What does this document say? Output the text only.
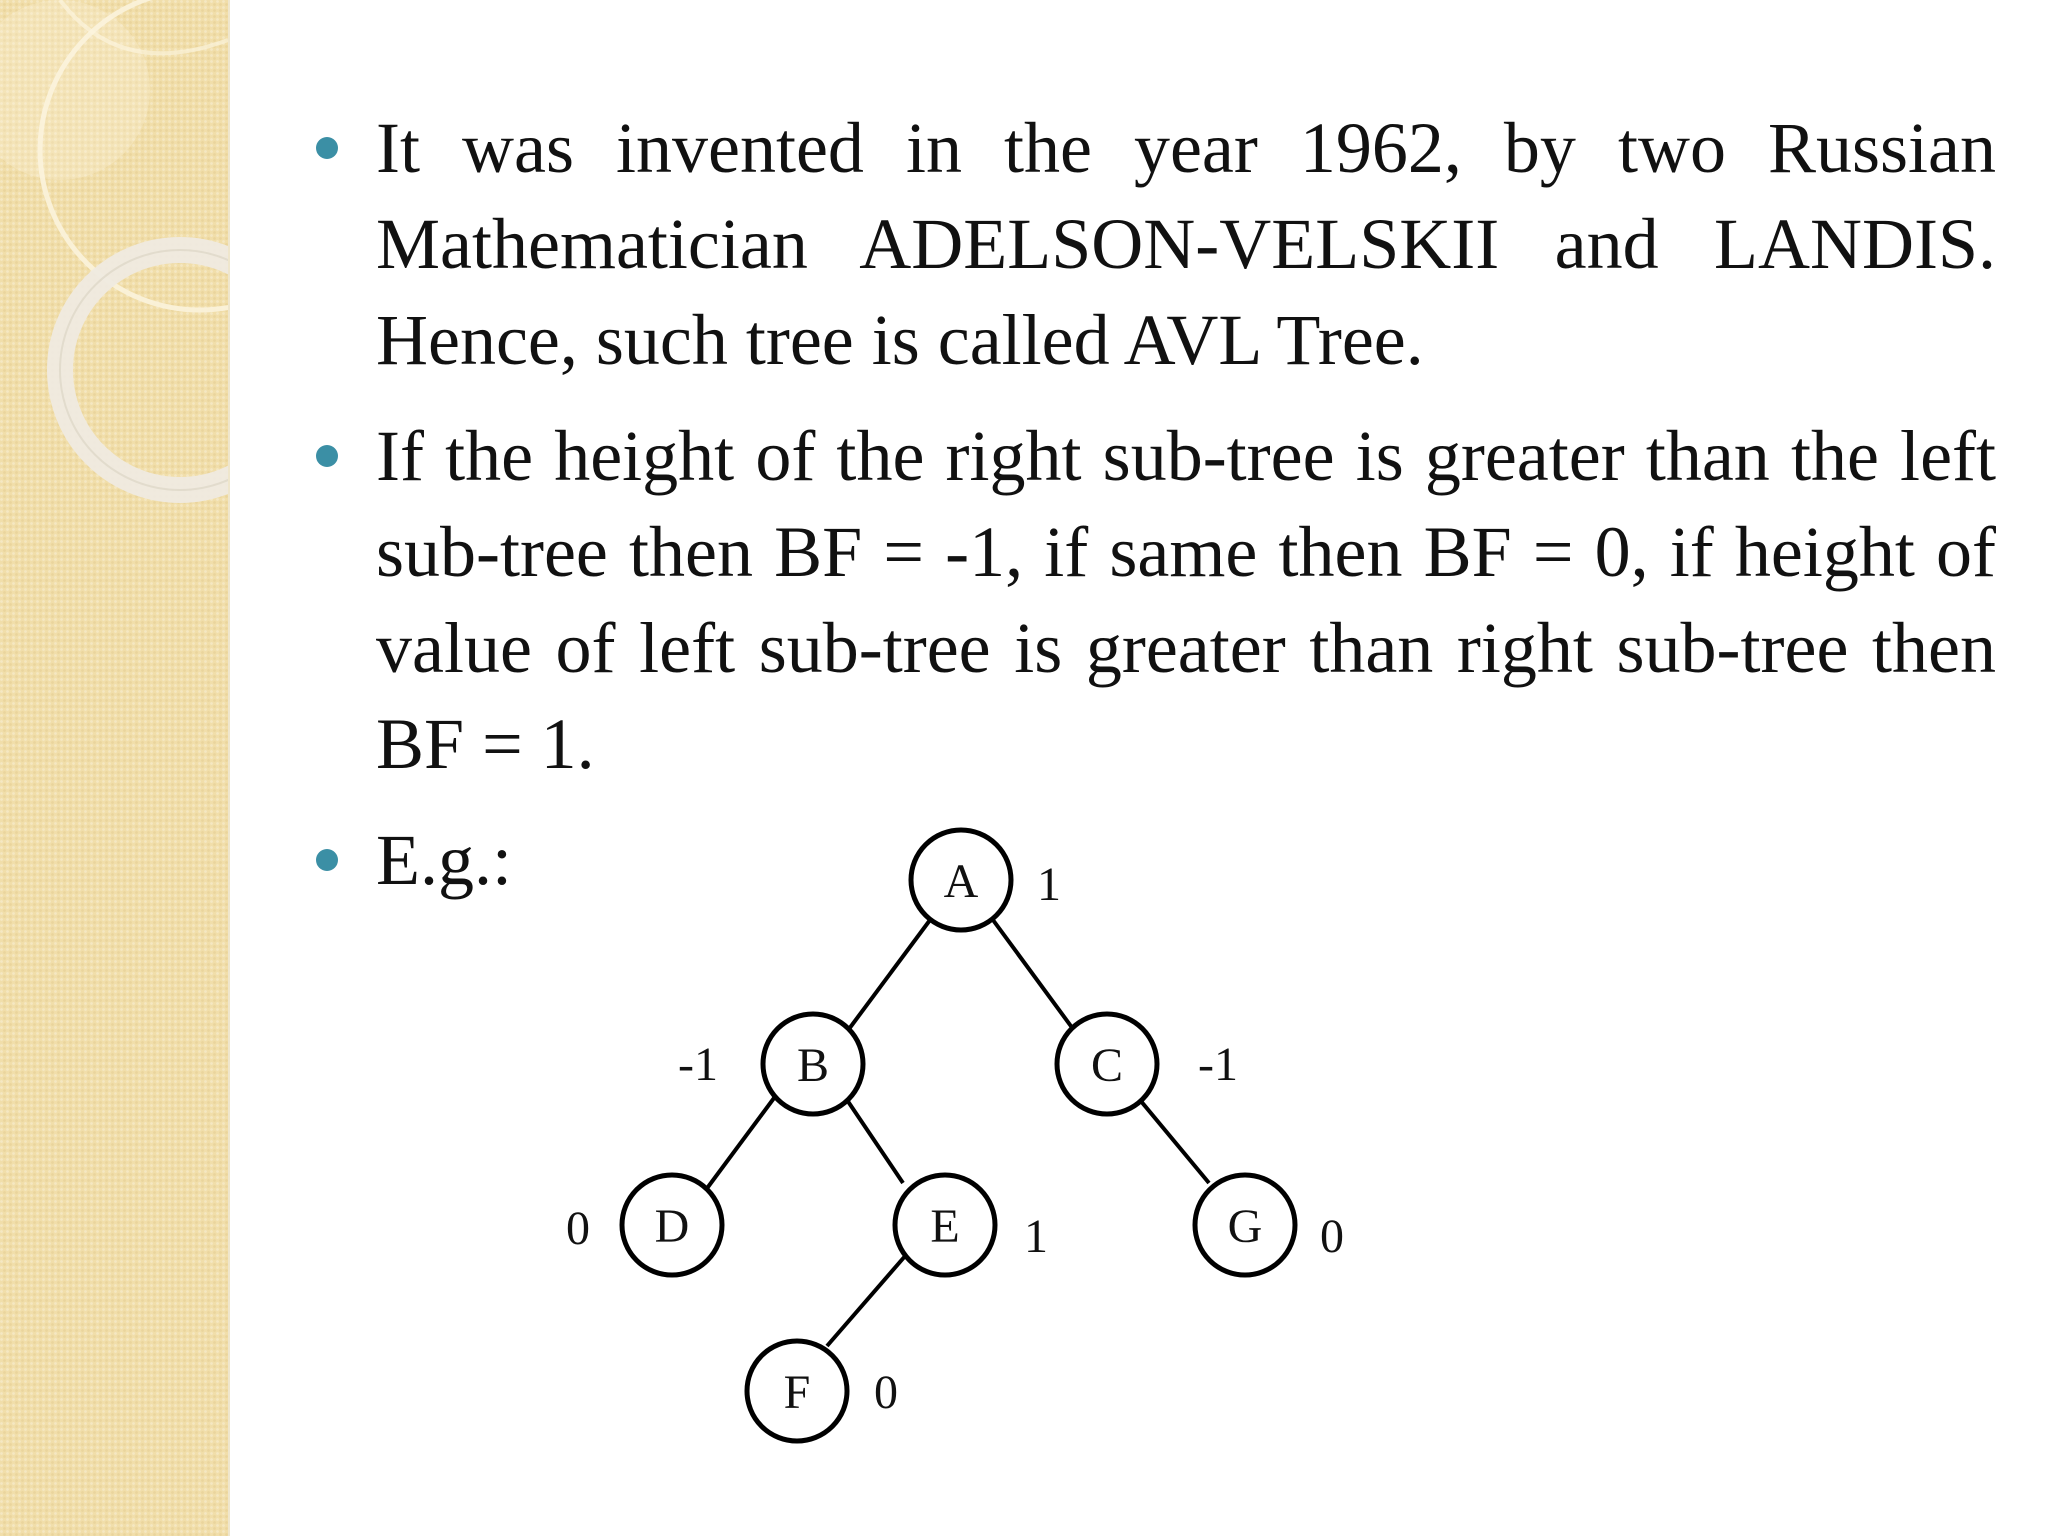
It was invented in the year 1962, by two Russian Mathematician ADELSON-VELSKII and LANDIS. Hence, such tree is called AVL Tree.
If the height of the right sub-tree is greater than the left sub-tree then BF = -1, if same then BF = 0, if height of value of left sub-tree is greater than right sub-tree then BF = 1.
E.g.:	A 1
B
-1	C -1
D
0	E 1	G 0
F 0
